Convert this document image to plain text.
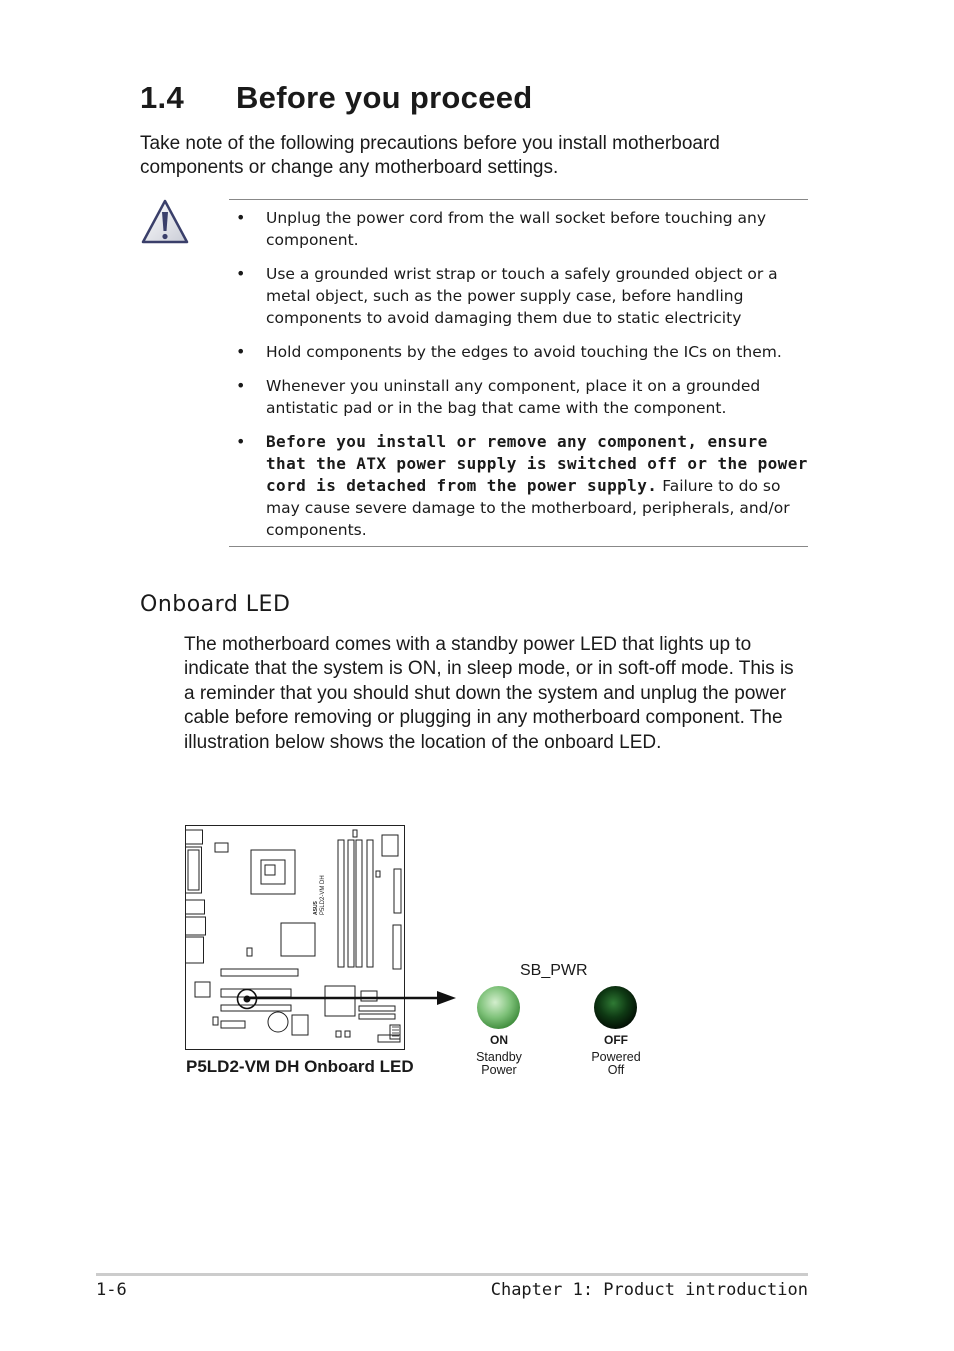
1.4 Before you proceed

Take note of the following precautions before you install motherboard components or change any motherboard settings.

• Unplug the power cord from the wall socket before touching any component.
• Use a grounded wrist strap or touch a safely grounded object or a metal object, such as the power supply case, before handling components to avoid damaging them due to static electricity
• Hold components by the edges to avoid touching the ICs on them.
• Whenever you uninstall any component, place it on a grounded antistatic pad or in the bag that came with the component.
• Before you install or remove any component, ensure that the ATX power supply is switched off or the power cord is detached from the power supply. Failure to do so may cause severe damage to the motherboard, peripherals, and/or components.
Onboard LED

The motherboard comes with a standby power LED that lights up to indicate that the system is ON, in sleep mode, or in soft-off mode. This is a reminder that you should shut down the system and unplug the power cable before removing or plugging in any motherboard component. The illustration below shows the location of the onboard LED.

ASUS P5LD2-VM DH
SB_PWR
ON
Standby
Power
OFF
Powered
Off
P5LD2-VM DH Onboard LED
1-6	Chapter 1: Product introduction
